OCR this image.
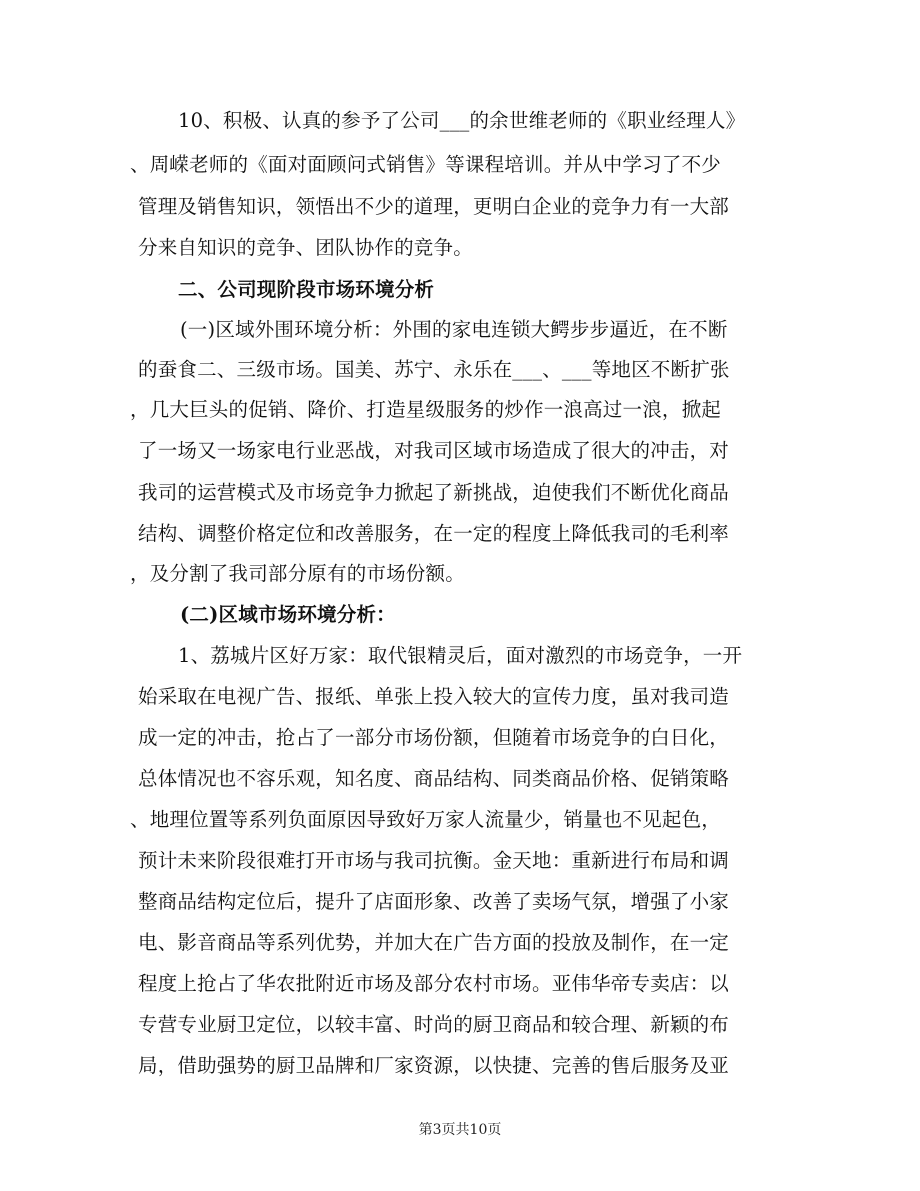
10、积极、认真的参予了公司___的余世维老师的《职业经理人》
、周嵘老师的《面对面顾问式销售》等课程培训。并从中学习了不少
管理及销售知识，领悟出不少的道理，更明白企业的竞争力有一大部
分来自知识的竞争、团队协作的竞争。
二、公司现阶段市场环境分析
(一)区域外围环境分析：外围的家电连锁大鳄步步逼近，在不断
的蚕食二、三级市场。国美、苏宁、永乐在___、___等地区不断扩张
，几大巨头的促销、降价、打造星级服务的炒作一浪高过一浪，掀起
了一场又一场家电行业恶战，对我司区域市场造成了很大的冲击，对
我司的运营模式及市场竞争力掀起了新挑战，迫使我们不断优化商品
结构、调整价格定位和改善服务，在一定的程度上降低我司的毛利率
，及分割了我司部分原有的市场份额。
(二)区域市场环境分析：
1、荔城片区好万家：取代银精灵后，面对激烈的市场竞争，一开
始采取在电视广告、报纸、单张上投入较大的宣传力度，虽对我司造
成一定的冲击，抢占了一部分市场份额，但随着市场竞争的白日化，
总体情况也不容乐观，知名度、商品结构、同类商品价格、促销策略
、地理位置等系列负面原因导致好万家人流量少，销量也不见起色，
预计未来阶段很难打开市场与我司抗衡。金天地：重新进行布局和调
整商品结构定位后，提升了店面形象、改善了卖场气氛，增强了小家
电、影音商品等系列优势，并加大在广告方面的投放及制作，在一定
程度上抢占了华农批附近市场及部分农村市场。亚伟华帝专卖店：以
专营专业厨卫定位，以较丰富、时尚的厨卫商品和较合理、新颖的布
局，借助强势的厨卫品牌和厂家资源，以快捷、完善的售后服务及亚
第3页共10页
